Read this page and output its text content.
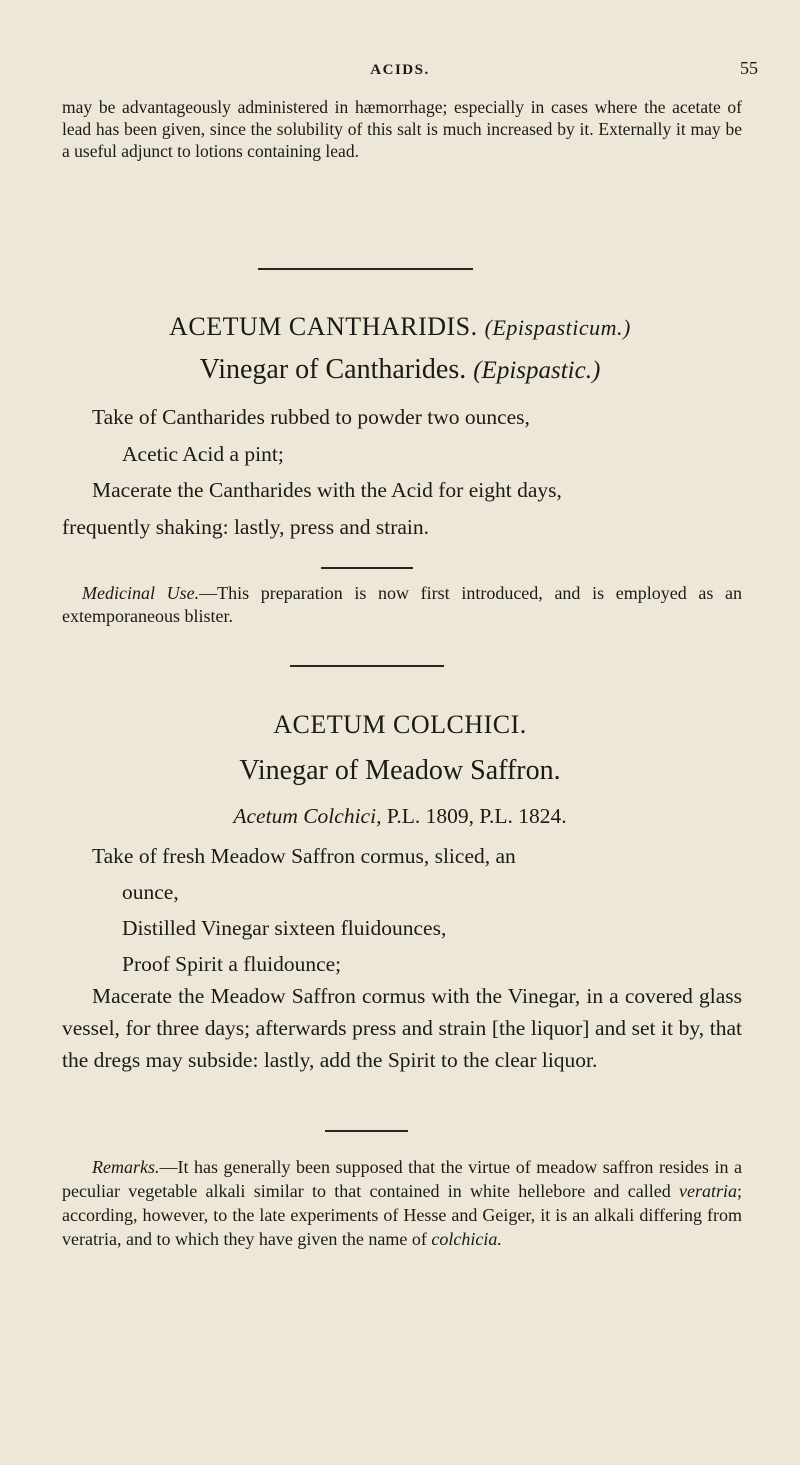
ACIDS.	55
may be advantageously administered in hæmorrhage; especially in cases where the acetate of lead has been given, since the solubility of this salt is much increased by it. Externally it may be a useful adjunct to lotions containing lead.
ACETUM CANTHARIDIS. (Epispasticum.)
Vinegar of Cantharides. (Epispastic.)
Take of Cantharides rubbed to powder two ounces,
Acetic Acid a pint;
Macerate the Cantharides with the Acid for eight days,
frequently shaking: lastly, press and strain.
Medicinal Use.—This preparation is now first introduced, and is employed as an extemporaneous blister.
ACETUM COLCHICI.
Vinegar of Meadow Saffron.
Acetum Colchici, P.L. 1809, P.L. 1824.
Take of fresh Meadow Saffron cormus, sliced, an
ounce,
Distilled Vinegar sixteen fluidounces,
Proof Spirit a fluidounce;
Macerate the Meadow Saffron cormus with the Vinegar, in a covered glass vessel, for three days; afterwards press and strain [the liquor] and set it by, that the dregs may subside: lastly, add the Spirit to the clear liquor.
Remarks.—It has generally been supposed that the virtue of meadow saffron resides in a peculiar vegetable alkali similar to that contained in white hellebore and called veratria; according, however, to the late experiments of Hesse and Geiger, it is an alkali differing from veratria, and to which they have given the name of colchicia.
